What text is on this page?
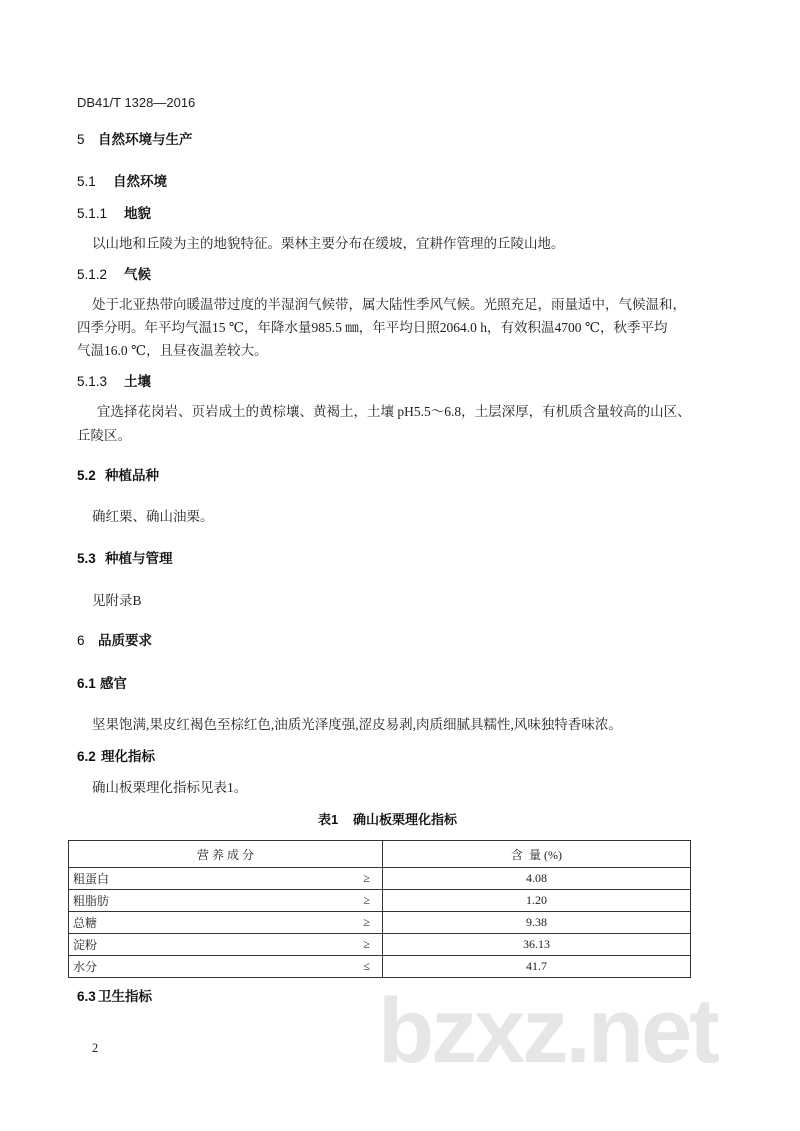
DB41/T 1328—2016
5 自然环境与生产
5.1 自然环境
5.1.1 地貌
以山地和丘陵为主的地貌特征。栗林主要分布在缓坡，宜耕作管理的丘陵山地。
5.1.2 气候
处于北亚热带向暖温带过度的半湿润气候带，属大陆性季风气候。光照充足，雨量适中，气候温和，
四季分明。年平均气温15 ℃，年降水量985.5 ㎜，年平均日照2064.0 h，有效积温4700 ℃，秋季平均
气温16.0 ℃，且昼夜温差较大。
5.1.3 土壤
宜选择花岗岩、页岩成土的黄棕壤、黄褐土，土壤 pH5.5～6.8，土层深厚，有机质含量较高的山区、
丘陵区。
5.2 种植品种
确红栗、确山油栗。
5.3 种植与管理
见附录B
6 品质要求
6.1 感官
坚果饱满,果皮红褐色至棕红色,油质光泽度强,涩皮易剥,肉质细腻具糯性,风味独特香味浓。
6.2 理化指标
确山板栗理化指标见表1。
表1 确山板栗理化指标
营 养 成 分	含  量 (%)

粗蛋白 ≥	4.08

粗脂肪 ≥	1.20

总糖 ≥	9.38

淀粉 ≥	36.13

水分 ≤	41.7
6.3 卫生指标 bzxz.net
2
